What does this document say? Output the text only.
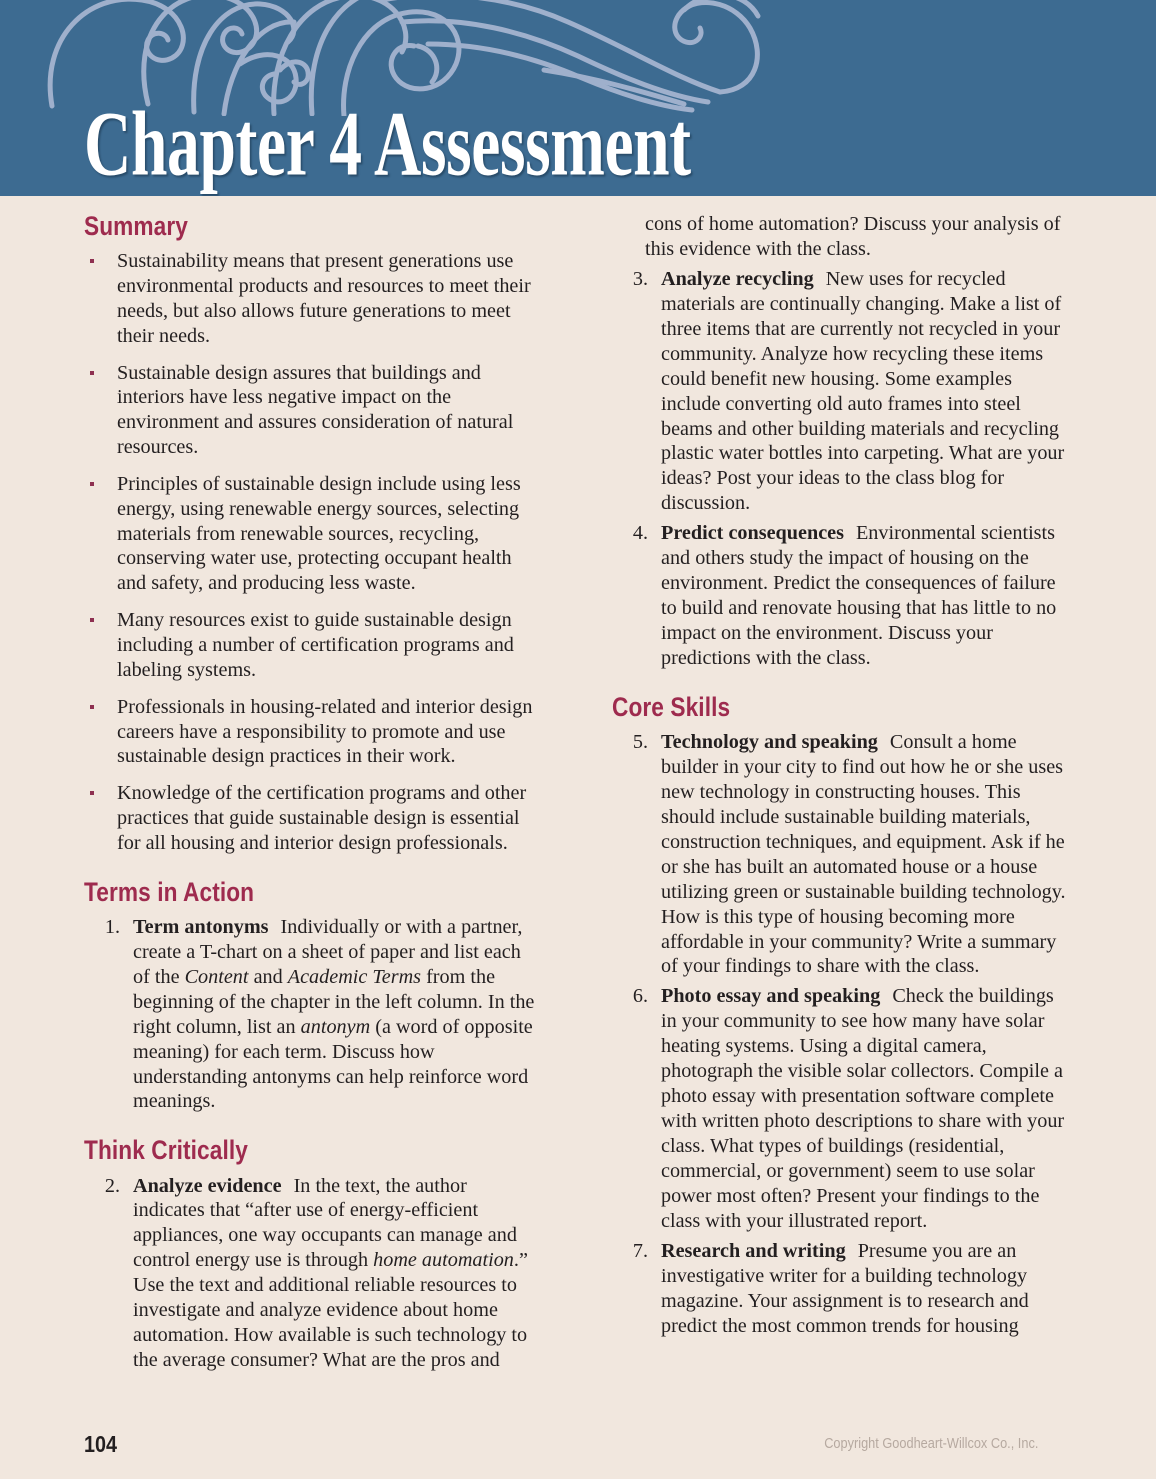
Chapter 4 Assessment
Summary
Sustainability means that present generations use environmental products and resources to meet their needs, but also allows future generations to meet their needs.
Sustainable design assures that buildings and interiors have less negative impact on the environment and assures consideration of natural resources.
Principles of sustainable design include using less energy, using renewable energy sources, selecting materials from renewable sources, recycling, conserving water use, protecting occupant health and safety, and producing less waste.
Many resources exist to guide sustainable design including a number of certification programs and labeling systems.
Professionals in housing-related and interior design careers have a responsibility to promote and use sustainable design practices in their work.
Knowledge of the certification programs and other practices that guide sustainable design is essential for all housing and interior design professionals.
Terms in Action
1. Term antonyms Individually or with a partner, create a T-chart on a sheet of paper and list each of the Content and Academic Terms from the beginning of the chapter in the left column. In the right column, list an antonym (a word of opposite meaning) for each term. Discuss how understanding antonyms can help reinforce word meanings.
Think Critically
2. Analyze evidence In the text, the author indicates that “after use of energy-efficient appliances, one way occupants can manage and control energy use is through home automation.” Use the text and additional reliable resources to investigate and analyze evidence about home automation. How available is such technology to the average consumer? What are the pros and
cons of home automation? Discuss your analysis of this evidence with the class.
3. Analyze recycling New uses for recycled materials are continually changing. Make a list of three items that are currently not recycled in your community. Analyze how recycling these items could benefit new housing. Some examples include converting old auto frames into steel beams and other building materials and recycling plastic water bottles into carpeting. What are your ideas? Post your ideas to the class blog for discussion.
4. Predict consequences Environmental scientists and others study the impact of housing on the environment. Predict the consequences of failure to build and renovate housing that has little to no impact on the environment. Discuss your predictions with the class.
Core Skills
5. Technology and speaking Consult a home builder in your city to find out how he or she uses new technology in constructing houses. This should include sustainable building materials, construction techniques, and equipment. Ask if he or she has built an automated house or a house utilizing green or sustainable building technology. How is this type of housing becoming more affordable in your community? Write a summary of your findings to share with the class.
6. Photo essay and speaking Check the buildings in your community to see how many have solar heating systems. Using a digital camera, photograph the visible solar collectors. Compile a photo essay with presentation software complete with written photo descriptions to share with your class. What types of buildings (residential, commercial, or government) seem to use solar power most often? Present your findings to the class with your illustrated report.
7. Research and writing Presume you are an investigative writer for a building technology magazine. Your assignment is to research and predict the most common trends for housing
104	Copyright Goodheart-Willcox Co., Inc.
